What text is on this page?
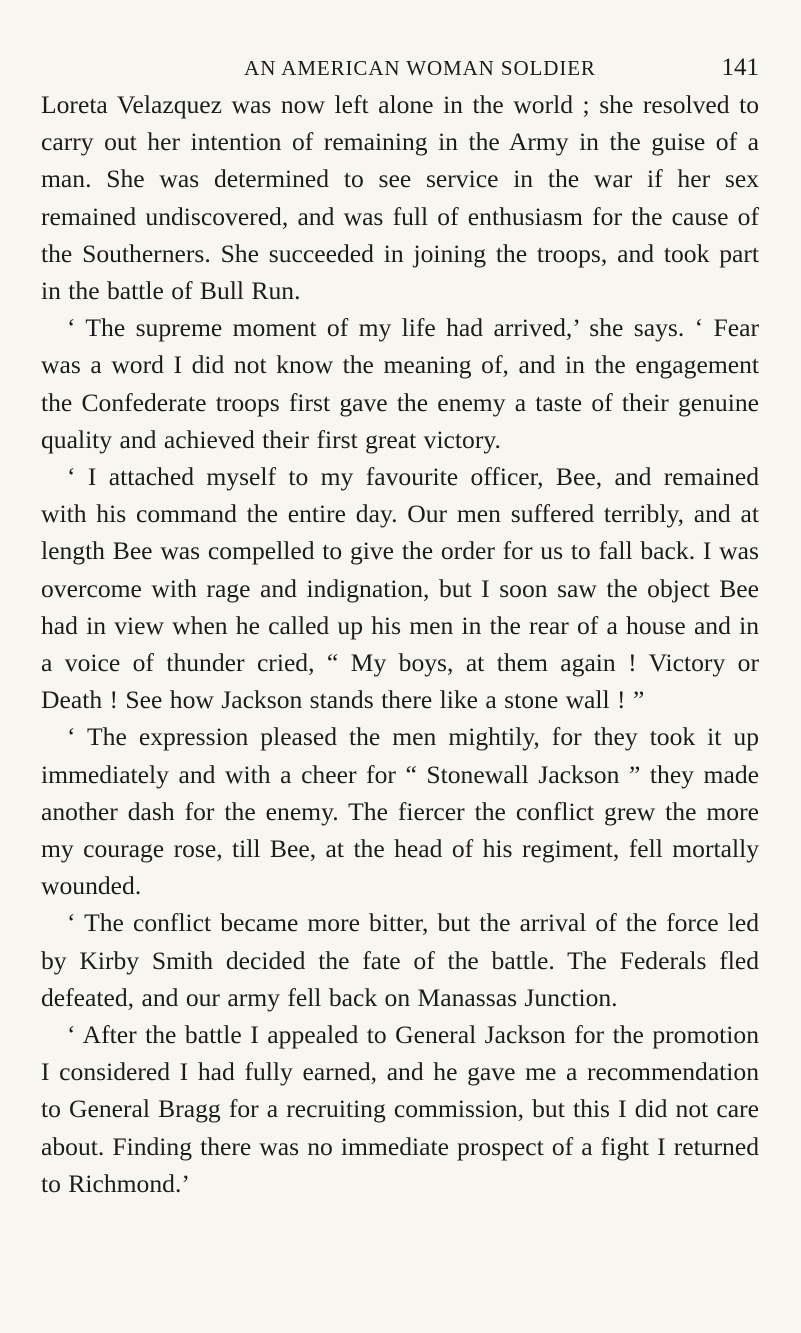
AN AMERICAN WOMAN SOLDIER	141

Loreta Velazquez was now left alone in the world ; she resolved to carry out her intention of remaining in the Army in the guise of a man. She was determined to see service in the war if her sex remained undiscovered, and was full of enthusiasm for the cause of the Southerners. She succeeded in joining the troops, and took part in the battle of Bull Run.

‘ The supreme moment of my life had arrived,’ she says. ‘ Fear was a word I did not know the meaning of, and in the engagement the Confederate troops first gave the enemy a taste of their genuine quality and achieved their first great victory.

‘ I attached myself to my favourite officer, Bee, and remained with his command the entire day. Our men suffered terribly, and at length Bee was compelled to give the order for us to fall back. I was overcome with rage and indignation, but I soon saw the object Bee had in view when he called up his men in the rear of a house and in a voice of thunder cried, “ My boys, at them again ! Victory or Death ! See how Jackson stands there like a stone wall ! ”

‘ The expression pleased the men mightily, for they took it up immediately and with a cheer for “ Stonewall Jackson ” they made another dash for the enemy. The fiercer the conflict grew the more my courage rose, till Bee, at the head of his regiment, fell mortally wounded.

‘ The conflict became more bitter, but the arrival of the force led by Kirby Smith decided the fate of the battle. The Federals fled defeated, and our army fell back on Manassas Junction.

‘ After the battle I appealed to General Jackson for the promotion I considered I had fully earned, and he gave me a recommendation to General Bragg for a recruiting commission, but this I did not care about. Finding there was no immediate prospect of a fight I returned to Richmond.’
